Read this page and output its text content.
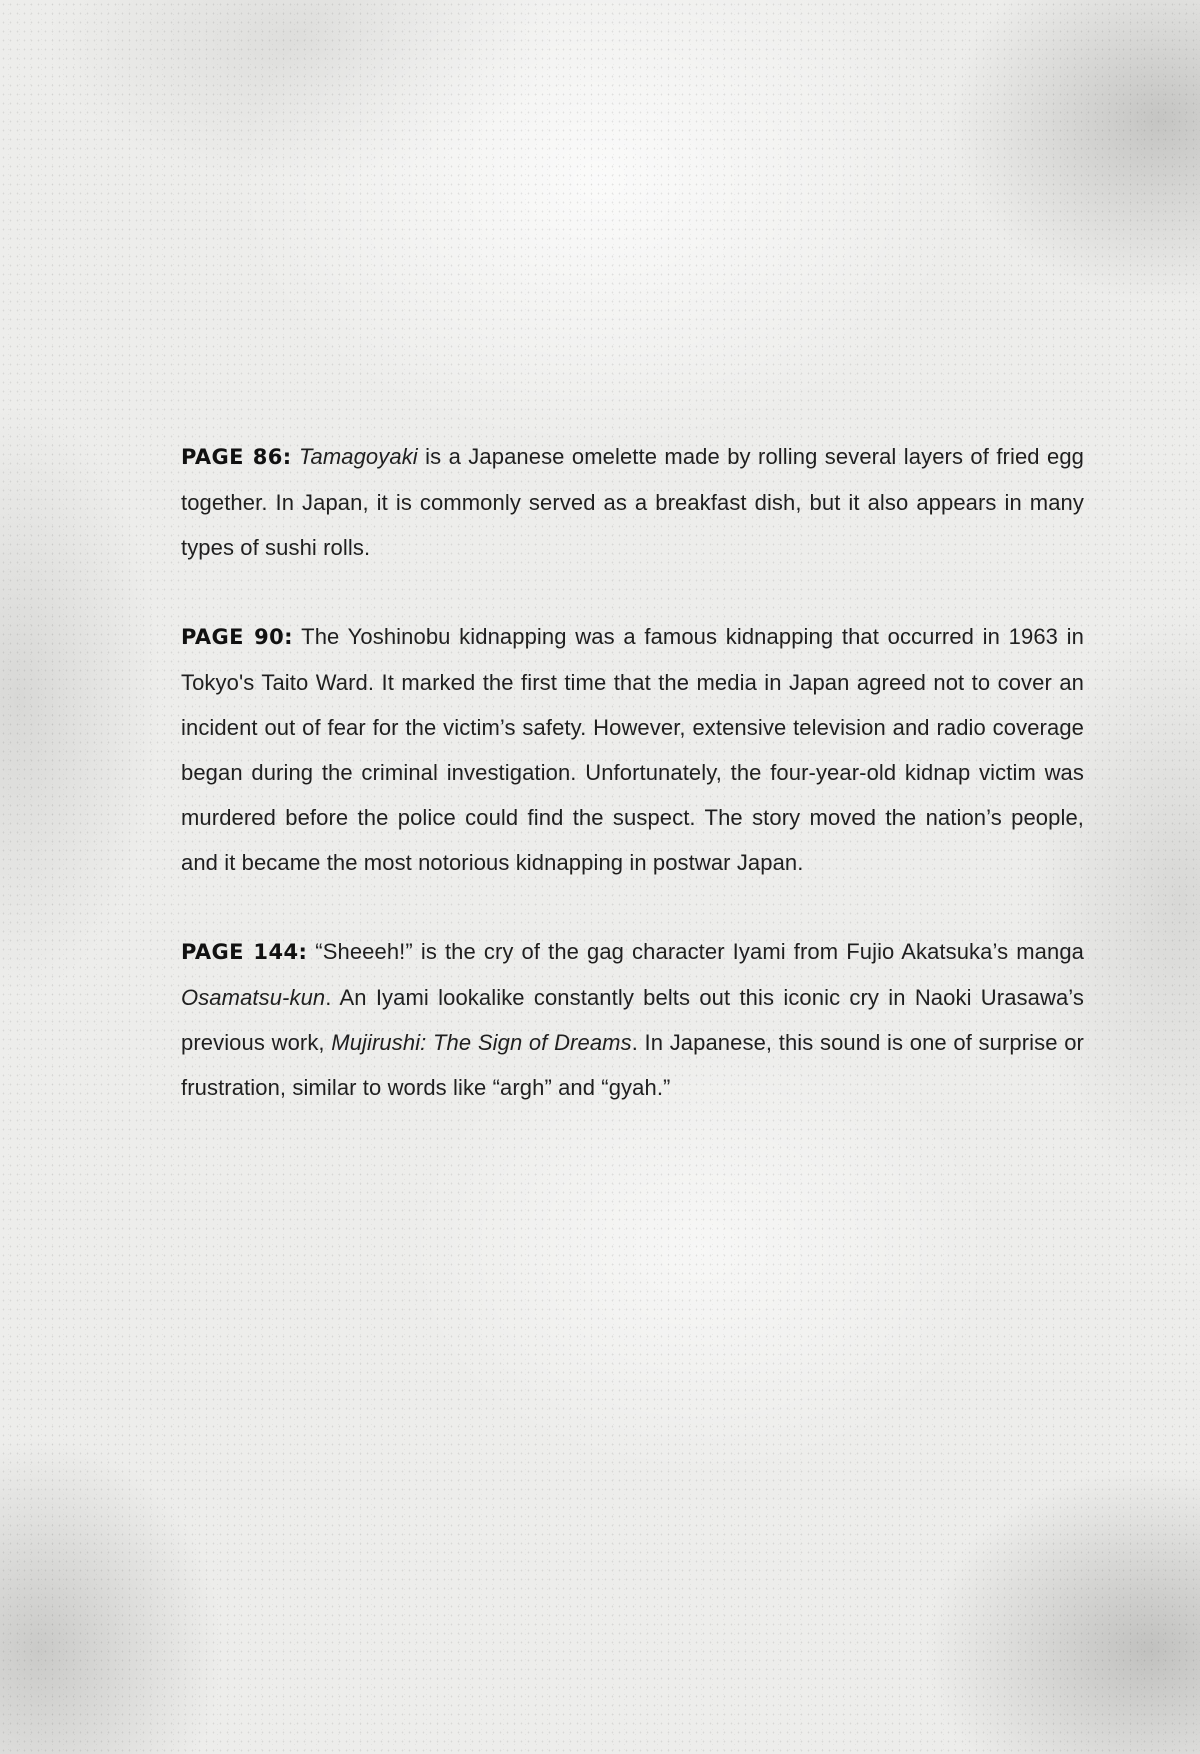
PAGE 86: Tamagoyaki is a Japanese omelette made by rolling several layers of fried egg together. In Japan, it is commonly served as a breakfast dish, but it also appears in many types of sushi rolls.

PAGE 90: The Yoshinobu kidnapping was a famous kidnapping that occurred in 1963 in Tokyo's Taito Ward. It marked the first time that the media in Japan agreed not to cover an incident out of fear for the victim’s safety. However, extensive television and radio coverage began during the criminal investigation. Unfortunately, the four-year-old kidnap victim was murdered before the police could find the suspect. The story moved the nation’s people, and it became the most notorious kidnapping in postwar Japan.

PAGE 144: “Sheeeh!” is the cry of the gag character Iyami from Fujio Akatsuka’s manga Osamatsu-kun. An Iyami lookalike constantly belts out this iconic cry in Naoki Urasawa’s previous work, Mujirushi: The Sign of Dreams. In Japanese, this sound is one of surprise or frustration, similar to words like “argh” and “gyah.”
